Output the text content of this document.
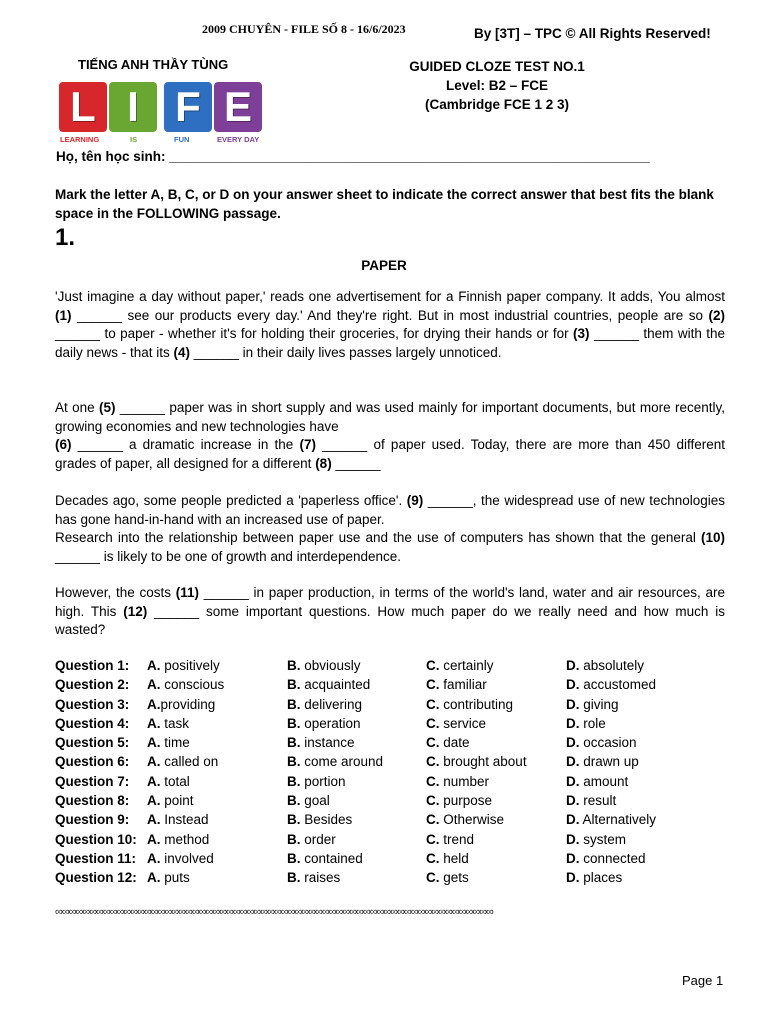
2009 CHUYÊN - FILE SỐ 8 - 16/6/2023	By [3T] – TPC © All Rights Reserved!
TIẾNG ANH THẦY TÙNG	GUIDED CLOZE TEST NO.1
Level: B2 – FCE
(Cambridge FCE 1 2 3)
L
LEARNING
I
IS
F
FUN
E
EVERY DAY
Họ, tên học sinh: ________________________________________________________________
Mark the letter A, B, C, or D on your answer sheet to indicate the correct answer that best fits the blank space in the FOLLOWING passage.
1.
PAPER
'Just imagine a day without paper,' reads one advertisement for a Finnish paper company. It adds, You almost (1) ______ see our products every day.' And they're right. But in most industrial countries, people are so (2) ______ to paper - whether it's for holding their groceries, for drying their hands or for (3) ______ them with the daily news - that its (4) ______ in their daily lives passes largely unnoticed.
At one (5) ______ paper was in short supply and was used mainly for important documents, but more recently, growing economies and new technologies have
(6) ______ a dramatic increase in the (7) ______ of paper used. Today, there are more than 450 different grades of paper, all designed for a different (8) ______
Decades ago, some people predicted a 'paperless office'. (9) ______, the widespread use of new technologies has gone hand-in-hand with an increased use of paper.
Research into the relationship between paper use and the use of computers has shown that the general (10) ______ is likely to be one of growth and interdependence.
However, the costs (11) ______ in paper production, in terms of the world's land, water and air resources, are high. This (12) ______ some important questions. How much paper do we really need and how much is wasted?
Question 1: A. positively	B. obviously	C. certainly	D. absolutely
Question 2: A. conscious	B. acquainted	C. familiar	D. accustomed
Question 3: A.providing	B. delivering	C. contributing	D. giving
Question 4: A. task	B. operation	C. service	D. role
Question 5: A. time	B. instance	C. date	D. occasion
Question 6: A. called on	B. come around	C. brought about	D. drawn up
Question 7: A. total	B. portion	C. number	D. amount
Question 8: A. point	B. goal	C. purpose	D. result
Question 9: A. Instead	B. Besides	C. Otherwise	D. Alternatively
Question 10: A. method	B. order	C. trend	D. system
Question 11: A. involved	B. contained	C. held	D. connected
Question 12: A. puts	B. raises	C. gets	D. places
∞∞∞∞∞∞∞∞∞∞∞∞∞∞∞∞∞∞∞∞∞∞∞∞∞∞∞∞∞∞∞∞∞∞∞∞∞∞∞∞∞∞∞∞∞∞∞∞∞∞∞∞∞∞∞∞∞∞∞∞∞∞∞∞
Page 1
